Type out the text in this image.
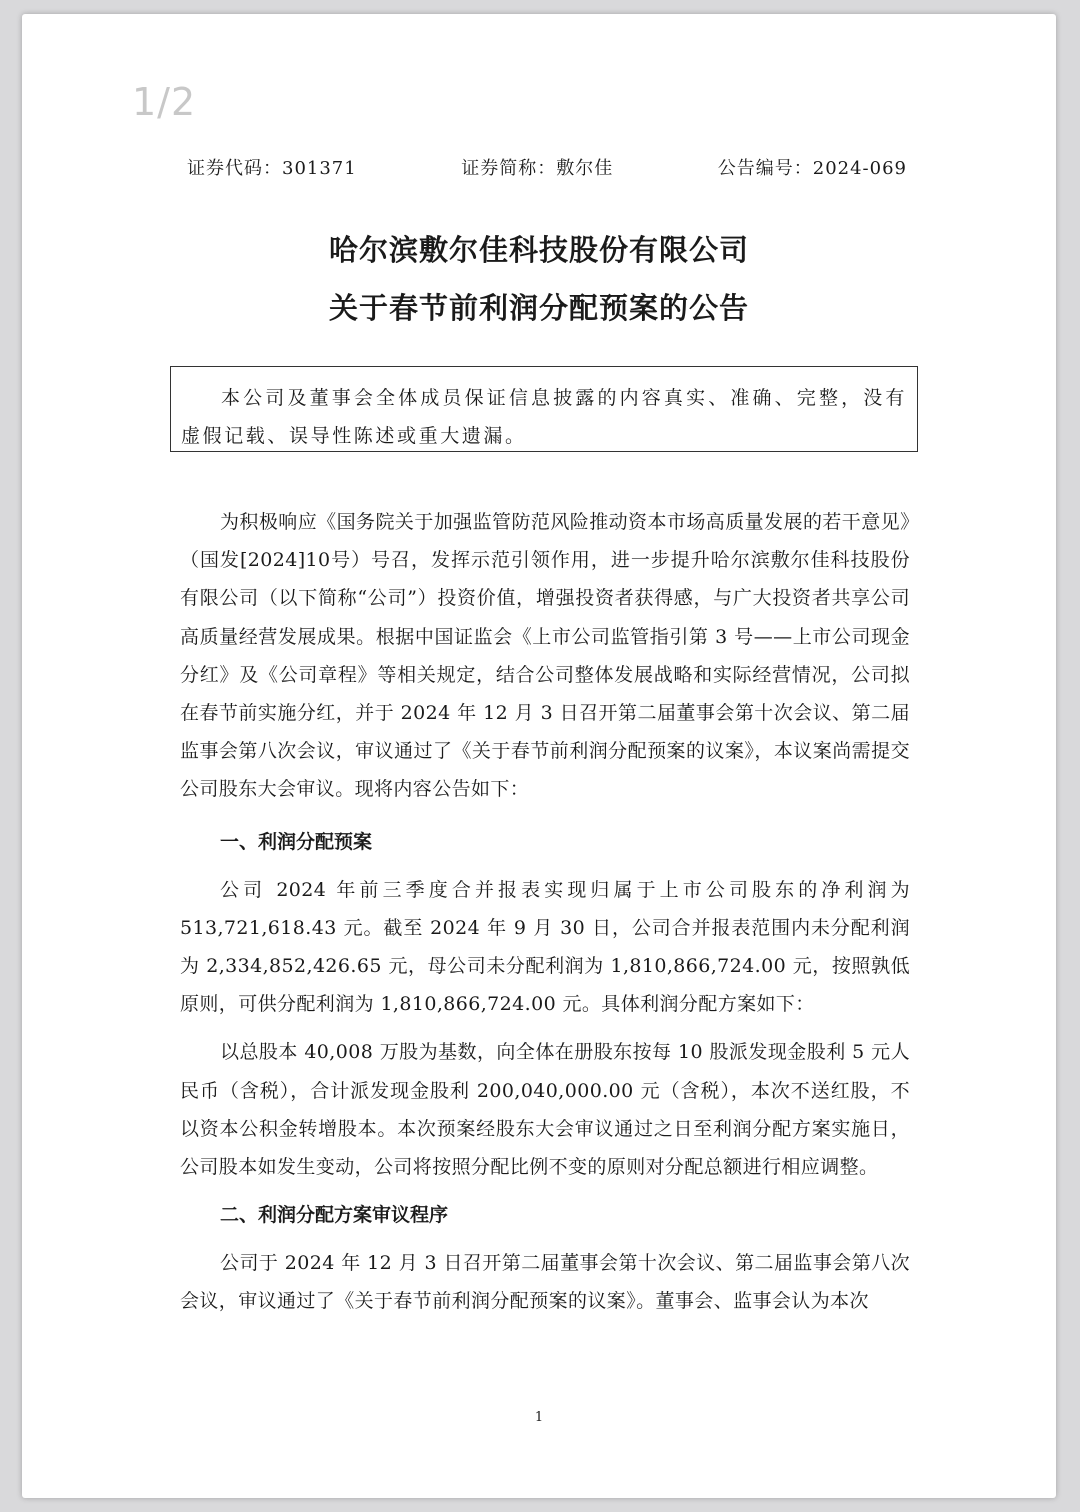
1/2
证券代码：301371	证券简称：敷尔佳	公告编号：2024-069
哈尔滨敷尔佳科技股份有限公司
关于春节前利润分配预案的公告
本公司及董事会全体成员保证信息披露的内容真实、准确、完整，没有虚假记载、误导性陈述或重大遗漏。

为积极响应《国务院关于加强监管防范风险推动资本市场高质量发展的若干意见》（国发[2024]10号）号召，发挥示范引领作用，进一步提升哈尔滨敷尔佳科技股份有限公司（以下简称“公司”）投资价值，增强投资者获得感，与广大投资者共享公司高质量经营发展成果。根据中国证监会《上市公司监管指引第 3 号——上市公司现金分红》及《公司章程》等相关规定，结合公司整体发展战略和实际经营情况，公司拟在春节前实施分红，并于 2024 年 12 月 3 日召开第二届董事会第十次会议、第二届监事会第八次会议，审议通过了《关于春节前利润分配预案的议案》，本议案尚需提交公司股东大会审议。现将内容公告如下：

一、利润分配预案

公司 2024 年前三季度合并报表实现归属于上市公司股东的净利润为 513,721,618.43 元。截至 2024 年 9 月 30 日，公司合并报表范围内未分配利润为 2,334,852,426.65 元，母公司未分配利润为 1,810,866,724.00 元，按照孰低原则，可供分配利润为 1,810,866,724.00 元。具体利润分配方案如下：

以总股本 40,008 万股为基数，向全体在册股东按每 10 股派发现金股利 5 元人民币（含税），合计派发现金股利 200,040,000.00 元（含税），本次不送红股，不以资本公积金转增股本。本次预案经股东大会审议通过之日至利润分配方案实施日，公司股本如发生变动，公司将按照分配比例不变的原则对分配总额进行相应调整。

二、利润分配方案审议程序

公司于 2024 年 12 月 3 日召开第二届董事会第十次会议、第二届监事会第八次会议，审议通过了《关于春节前利润分配预案的议案》。董事会、监事会认为本次

1
